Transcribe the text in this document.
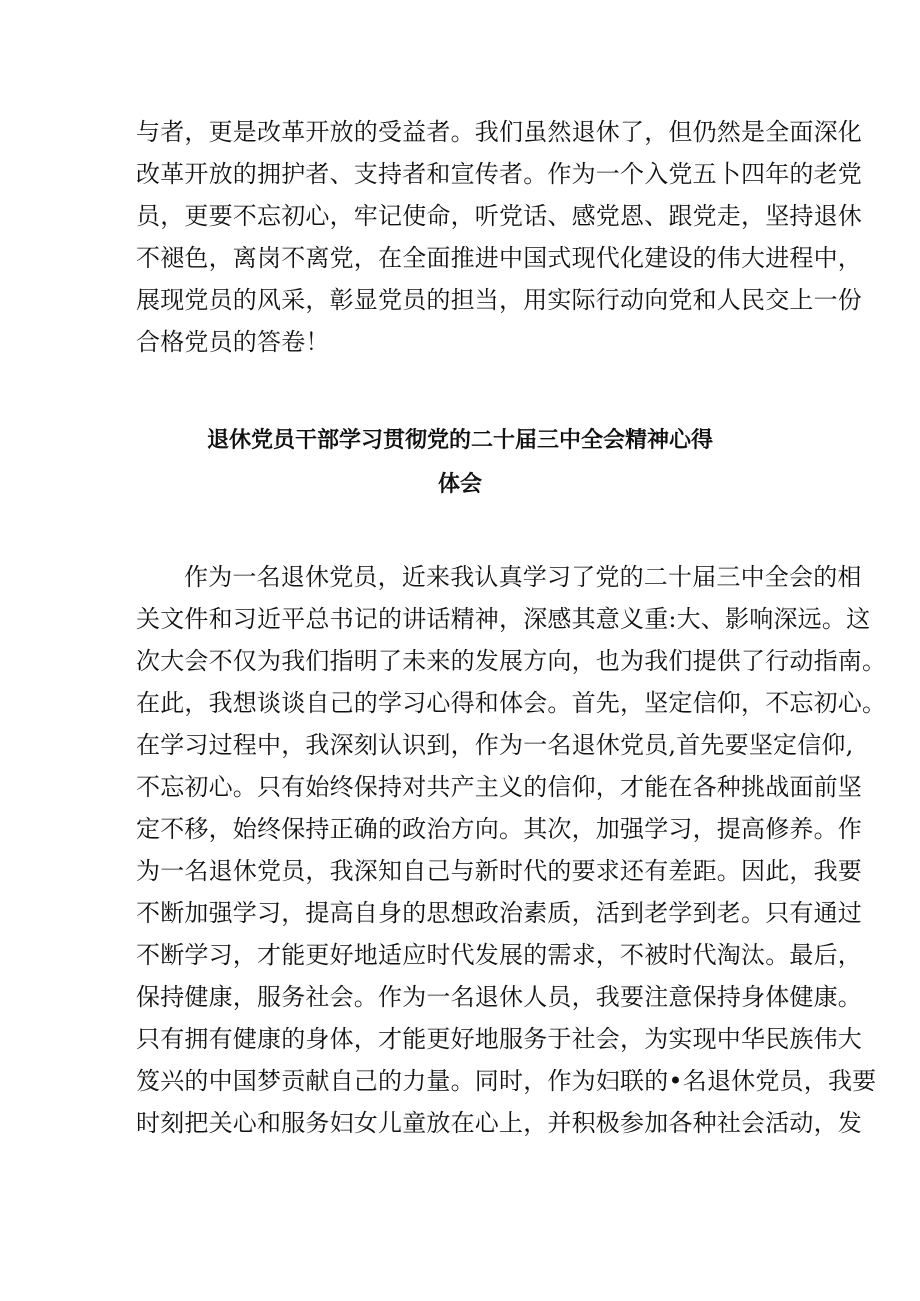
与者，更是改革开放的受益者。我们虽然退休了，但仍然是全面深化
改革开放的拥护者、支持者和宣传者。作为一个入党五卜四年的老党
员，更要不忘初心，牢记使命，听党话、感党恩、跟党走，坚持退休
不褪色，离岗不离党，在全面推进中国式现代化建设的伟大进程中，
展现党员的风采，彰显党员的担当，用实际行动向党和人民交上一份
合格党员的答卷！
退休党员干部学习贯彻党的二十届三中全会精神心得
体会
作为一名退休党员，近来我认真学习了党的二十届三中全会的相
关文件和习近平总书记的讲话精神，深感其意义重:大、影响深远。这
次大会不仅为我们指明了未来的发展方向，也为我们提供了行动指南。
在此，我想谈谈自己的学习心得和体会。首先，坚定信仰，不忘初心。
在学习过程中，我深刻认识到，作为一名退休党员,首先要坚定信仰,
不忘初心。只有始终保持对共产主义的信仰，才能在各种挑战面前坚
定不移，始终保持正确的政治方向。其次，加强学习，提高修养。作
为一名退休党员，我深知自己与新时代的要求还有差距。因此，我要
不断加强学习，提高自身的思想政治素质，活到老学到老。只有通过
不断学习，才能更好地适应时代发展的需求，不被时代淘汰。最后，
保持健康，服务社会。作为一名退休人员，我要注意保持身体健康。
只有拥有健康的身体，才能更好地服务于社会，为实现中华民族伟大
笈兴的中国梦贡献自己的力量。同时，作为妇联的•名退休党员，我要
时刻把关心和服务妇女儿童放在心上，并积极参加各种社会活动，发
